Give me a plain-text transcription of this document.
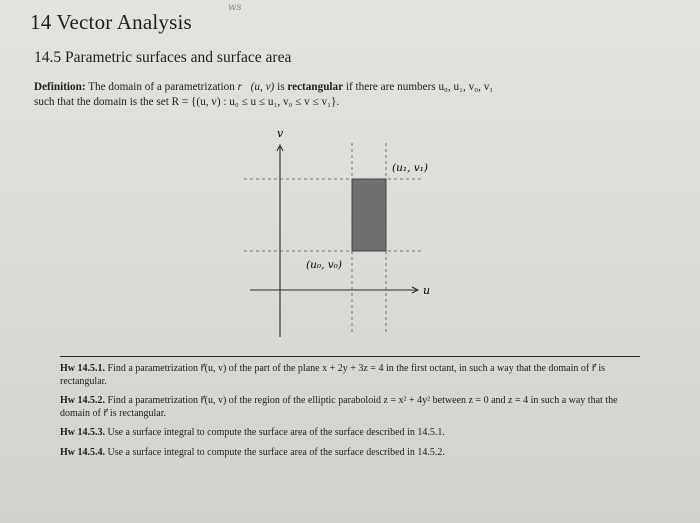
14 Vector Analysis
ws
14.5 Parametric surfaces and surface area
Definition: The domain of a parametrization r⃗(u, v) is rectangular if there are numbers u₀, u₁, v₀, v₁
such that the domain is the set R = {(u, v) : u₀ ≤ u ≤ u₁, v₀ ≤ v ≤ v₁}.
v
u
(u₁, v₁)
(u₀, v₀)
Hw 14.5.1. Find a parametrization r⃗(u, v) of the part of the plane x + 2y + 3z = 4 in the first octant, in such a way that the domain of r⃗ is rectangular.
Hw 14.5.2. Find a parametrization r⃗(u, v) of the region of the elliptic paraboloid z = x² + 4y² between z = 0 and z = 4 in such a way that the domain of r⃗ is rectangular.
Hw 14.5.3. Use a surface integral to compute the surface area of the surface described in 14.5.1.
Hw 14.5.4. Use a surface integral to compute the surface area of the surface described in 14.5.2.
